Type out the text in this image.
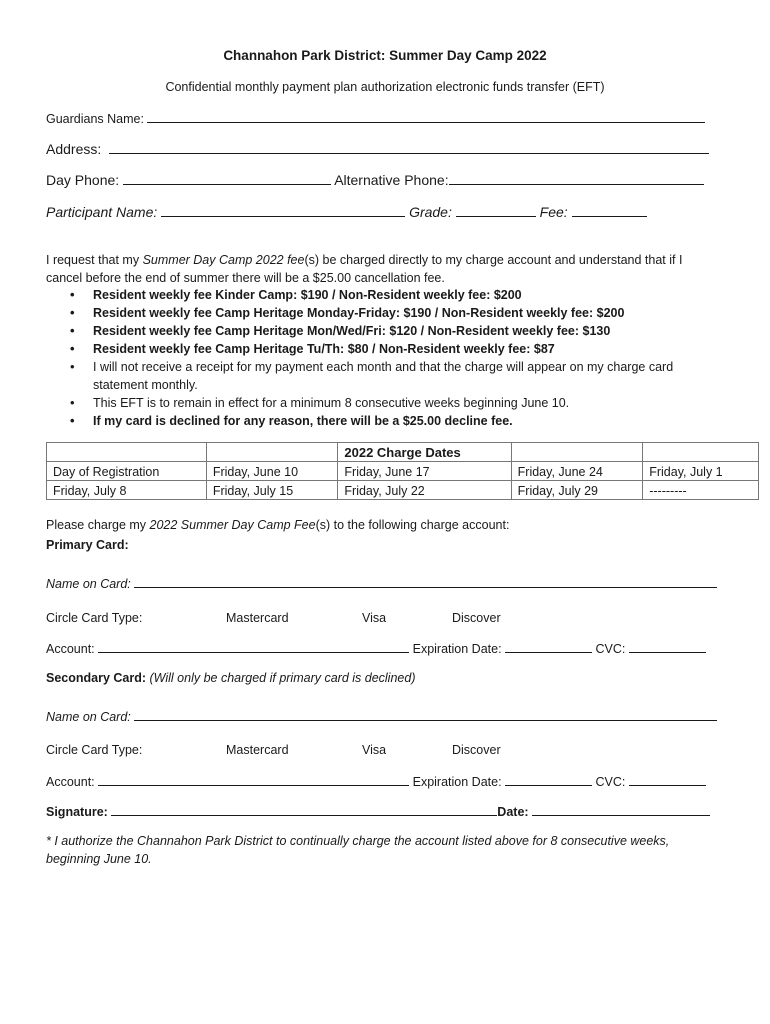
Channahon Park District: Summer Day Camp 2022
Confidential monthly payment plan authorization electronic funds transfer (EFT)
Guardians Name:
Address:
Day Phone:	Alternative Phone:
Participant Name:	Grade:	Fee:
I request that my Summer Day Camp 2022 fee(s) be charged directly to my charge account and understand that if I cancel before the end of summer there will be a $25.00 cancellation fee.
• Resident weekly fee Kinder Camp: $190 / Non-Resident weekly fee: $200
• Resident weekly fee Camp Heritage Monday-Friday: $190 / Non-Resident weekly fee: $200
• Resident weekly fee Camp Heritage Mon/Wed/Fri: $120 / Non-Resident weekly fee: $130
• Resident weekly fee Camp Heritage Tu/Th: $80 / Non-Resident weekly fee: $87
• I will not receive a receipt for my payment each month and that the charge will appear on my charge card statement monthly.
• This EFT is to remain in effect for a minimum 8 consecutive weeks beginning June 10.
• If my card is declined for any reason, there will be a $25.00 decline fee.
		2022 Charge Dates		
Day of Registration	Friday, June 10	Friday, June 17	Friday, June 24	Friday, July 1
Friday, July 8	Friday, July 15	Friday, July 22	Friday, July 29	---------
Please charge my 2022 Summer Day Camp Fee(s) to the following charge account:
Primary Card:
Name on Card:
Circle Card Type:	Mastercard	Visa	Discover
Account:	Expiration Date:	CVC:
Secondary Card: (Will only be charged if primary card is declined)
Name on Card:
Circle Card Type:	Mastercard	Visa	Discover
Account:	Expiration Date:	CVC:
Signature:	Date:
* I authorize the Channahon Park District to continually charge the account listed above for 8 consecutive weeks, beginning June 10.
